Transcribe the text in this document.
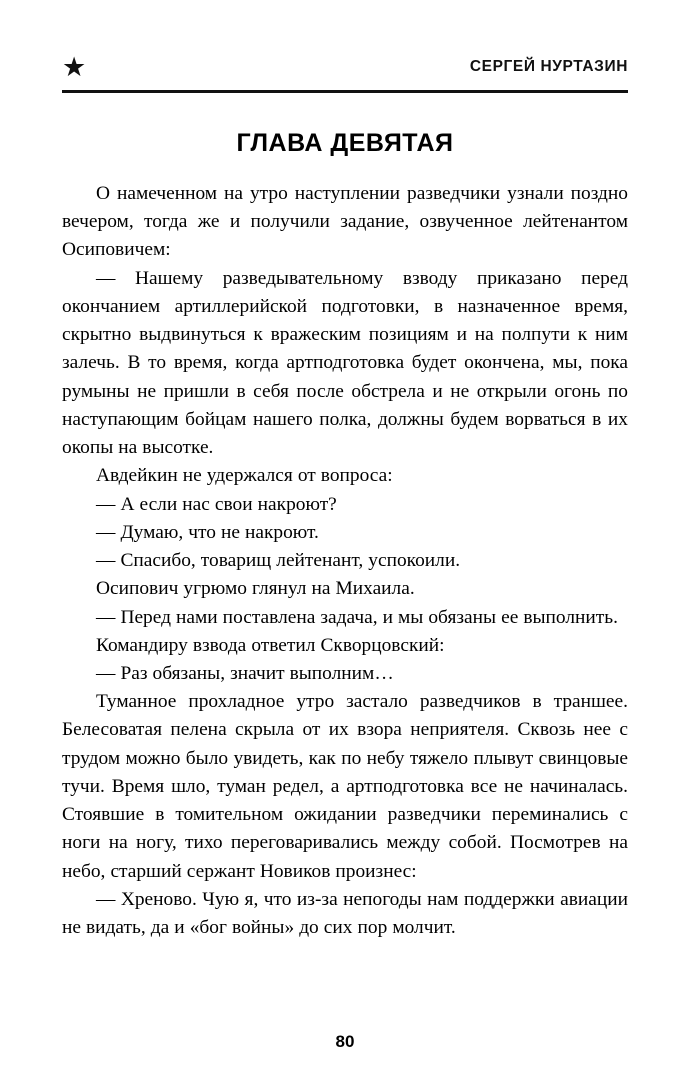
★	СЕРГЕЙ НУРТАЗИН
ГЛАВА ДЕВЯТАЯ

О намеченном на утро наступлении разведчики узнали поздно вечером, тогда же и получили задание, озвученное лейтенантом Осиповичем:

— Нашему разведывательному взводу приказано перед окончанием артиллерийской подготовки, в назначенное время, скрытно выдвинуться к вражеским позициям и на полпути к ним залечь. В то время, когда артподготовка будет окончена, мы, пока румыны не пришли в себя после обстрела и не открыли огонь по наступающим бойцам нашего полка, должны будем ворваться в их окопы на высотке.

Авдейкин не удержался от вопроса:

— А если нас свои накроют?

— Думаю, что не накроют.

— Спасибо, товарищ лейтенант, успокоили.

Осипович угрюмо глянул на Михаила.

— Перед нами поставлена задача, и мы обязаны ее выполнить.

Командиру взвода ответил Скворцовский:

— Раз обязаны, значит выполним…

Туманное прохладное утро застало разведчиков в траншее. Белесоватая пелена скрыла от их взора неприятеля. Сквозь нее с трудом можно было увидеть, как по небу тяжело плывут свинцовые тучи. Время шло, туман редел, а артподготовка все не начиналась. Стоявшие в томительном ожидании разведчики переминались с ноги на ногу, тихо переговаривались между собой. Посмотрев на небо, старший сержант Новиков произнес:

— Хреново. Чую я, что из-за непогоды нам поддержки авиации не видать, да и «бог войны» до сих пор молчит.

80
